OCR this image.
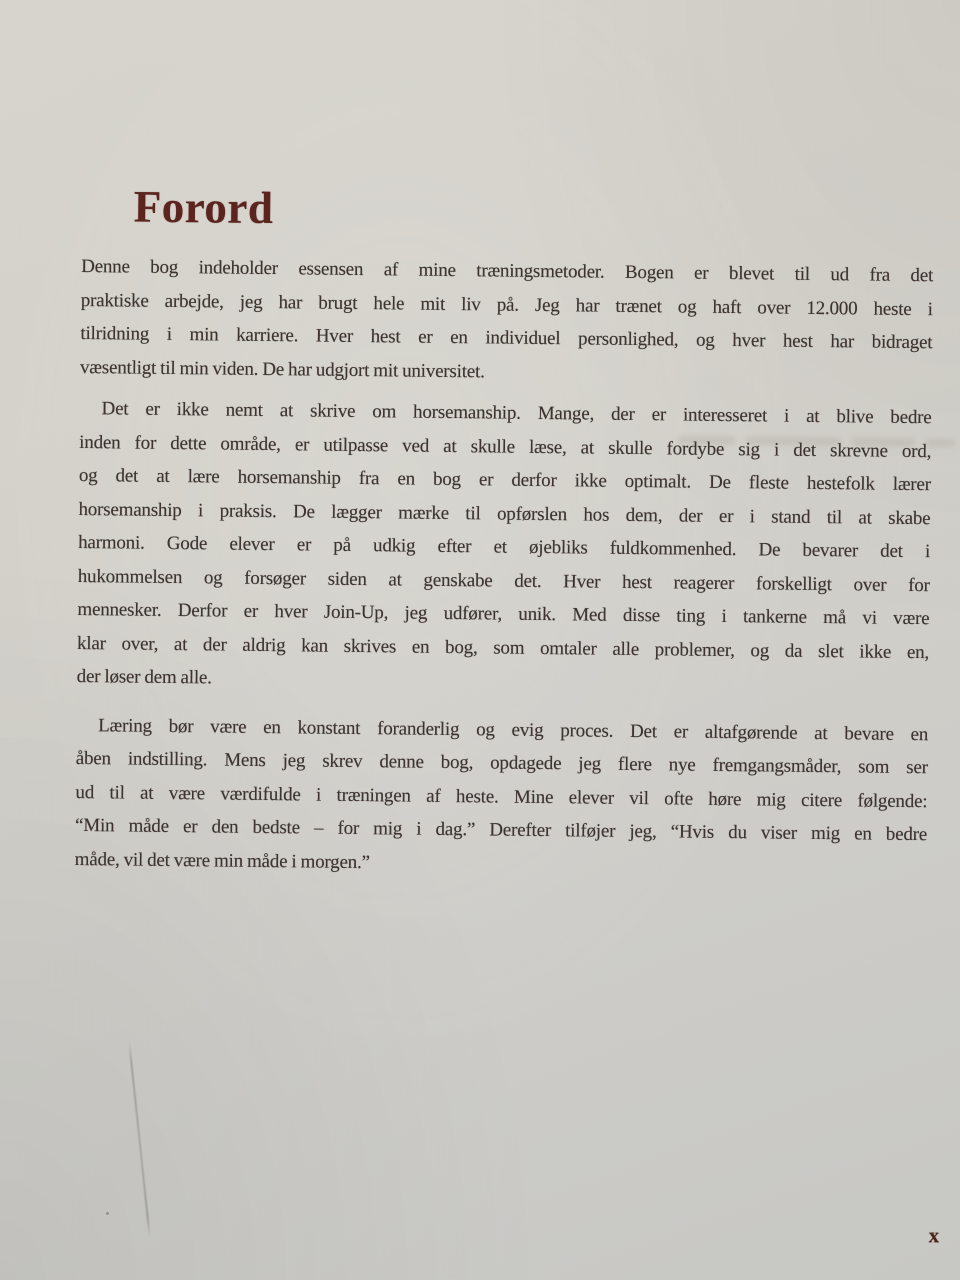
Forord
Denne bog indeholder essensen af mine træningsmetoder. Bogen er blevet til ud fra det
praktiske arbejde, jeg har brugt hele mit liv på. Jeg har trænet og haft over 12.000 heste i
tilridning i min karriere. Hver hest er en individuel personlighed, og hver hest har bidraget
væsentligt til min viden. De har udgjort mit universitet.
Det er ikke nemt at skrive om horsemanship. Mange, der er interesseret i at blive bedre
inden for dette område, er utilpasse ved at skulle læse, at skulle fordybe sig i det skrevne ord,
og det at lære horsemanship fra en bog er derfor ikke optimalt. De fleste hestefolk lærer
horsemanship i praksis. De lægger mærke til opførslen hos dem, der er i stand til at skabe
harmoni. Gode elever er på udkig efter et øjebliks fuldkommenhed. De bevarer det i
hukommelsen og forsøger siden at genskabe det. Hver hest reagerer forskelligt over for
mennesker. Derfor er hver Join-Up, jeg udfører, unik. Med disse ting i tankerne må vi være
klar over, at der aldrig kan skrives en bog, som omtaler alle problemer, og da slet ikke en,
der løser dem alle.
Læring bør være en konstant foranderlig og evig proces. Det er altafgørende at bevare en
åben indstilling. Mens jeg skrev denne bog, opdagede jeg flere nye fremgangsmåder, som ser
ud til at være værdifulde i træningen af heste. Mine elever vil ofte høre mig citere følgende:
“Min måde er den bedste – for mig i dag.” Derefter tilføjer jeg, “Hvis du viser mig en bedre
måde, vil det være min måde i morgen.”
x
